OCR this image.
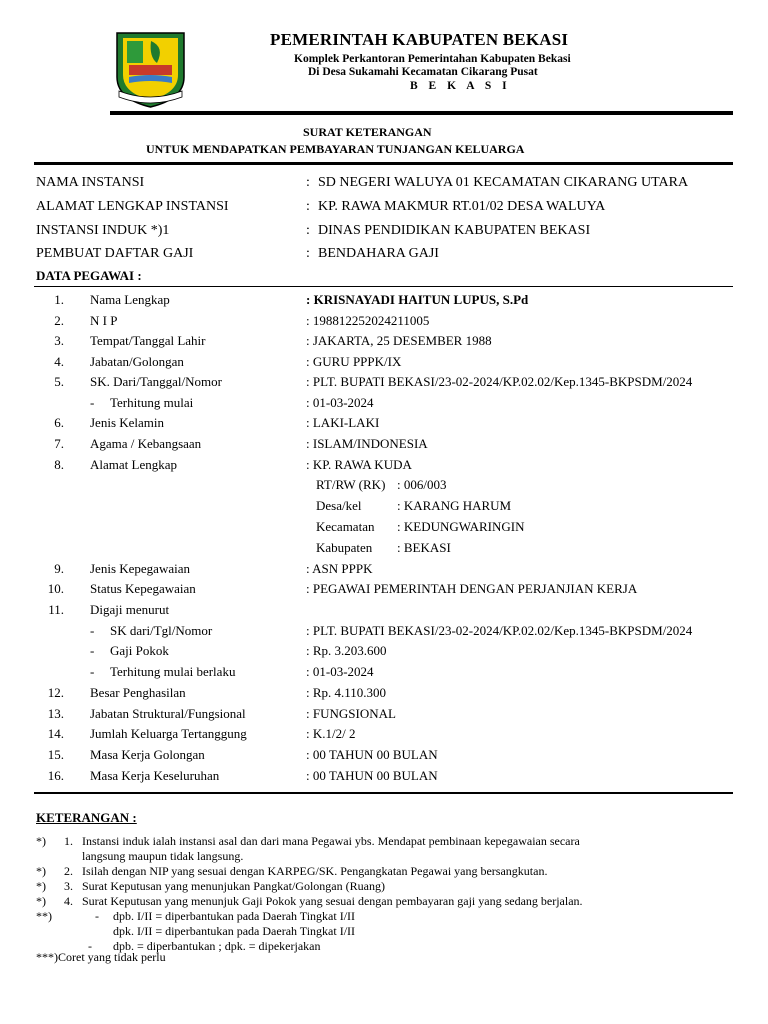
PEMERINTAH KABUPATEN BEKASI
Komplek Perkantoran Pemerintahan Kabupaten Bekasi
Di Desa Sukamahi Kecamatan Cikarang Pusat
B E K A S I
SURAT KETERANGAN
UNTUK MENDAPATKAN PEMBAYARAN TUNJANGAN KELUARGA
NAMA INSTANSI	: SD NEGERI WALUYA 01 KECAMATAN CIKARANG UTARA
ALAMAT LENGKAP INSTANSI	: KP. RAWA MAKMUR RT.01/02 DESA WALUYA
INSTANSI INDUK *)1	: DINAS PENDIDIKAN KABUPATEN BEKASI
PEMBUAT DAFTAR GAJI	: BENDAHARA GAJI
DATA PEGAWAI :
1. Nama Lengkap	: KRISNAYADI HAITUN LUPUS, S.Pd
2. N I P	: 198812252024211005
3. Tempat/Tanggal Lahir	: JAKARTA, 25 DESEMBER 1988
4. Jabatan/Golongan	: GURU PPPK/IX
5. SK. Dari/Tanggal/Nomor	: PLT. BUPATI BEKASI/23-02-2024/KP.02.02/Kep.1345-BKPSDM/2024
- Terhitung mulai	: 01-03-2024
6. Jenis Kelamin	: LAKI-LAKI
7. Agama / Kebangsaan	: ISLAM/INDONESIA
8. Alamat Lengkap	: KP. RAWA KUDA
RT/RW (RK) : 006/003
Desa/kel	: KARANG HARUM
Kecamatan : KEDUNGWARINGIN
Kabupaten : BEKASI
9. Jenis Kepegawaian	: ASN PPPK
10. Status Kepegawaian	: PEGAWAI PEMERINTAH DENGAN PERJANJIAN KERJA
11. Digaji menurut
- SK dari/Tgl/Nomor	: PLT. BUPATI BEKASI/23-02-2024/KP.02.02/Kep.1345-BKPSDM/2024
- Gaji Pokok	: Rp. 3.203.600
- Terhitung mulai berlaku	: 01-03-2024
12. Besar Penghasilan	: Rp. 4.110.300
13. Jabatan Struktural/Fungsional	: FUNGSIONAL
14. Jumlah Keluarga Tertanggung	: K.1/2/ 2
15. Masa Kerja Golongan	: 00 TAHUN 00 BULAN
16. Masa Kerja Keseluruhan	: 00 TAHUN 00 BULAN
KETERANGAN :
*) 1. Instansi induk ialah instansi asal dan dari mana Pegawai ybs. Mendapat pembinaan kepegawaian secara
langsung maupun tidak langsung.
*) 2. Isilah dengan NIP yang sesuai dengan KARPEG/SK. Pengangkatan Pegawai yang bersangkutan.
*) 3. Surat Keputusan yang menunjukan Pangkat/Golongan (Ruang)
*) 4. Surat Keputusan yang menunjuk Gaji Pokok yang sesuai dengan pembayaran gaji yang sedang berjalan.
**)	- dpb. I/II = diperbantukan pada Daerah Tingkat I/II
dpk. I/II = diperbantukan pada Daerah Tingkat I/II
- dpb. = diperbantukan ; dpk. = dipekerjakan
***)Coret yang tidak perlu
